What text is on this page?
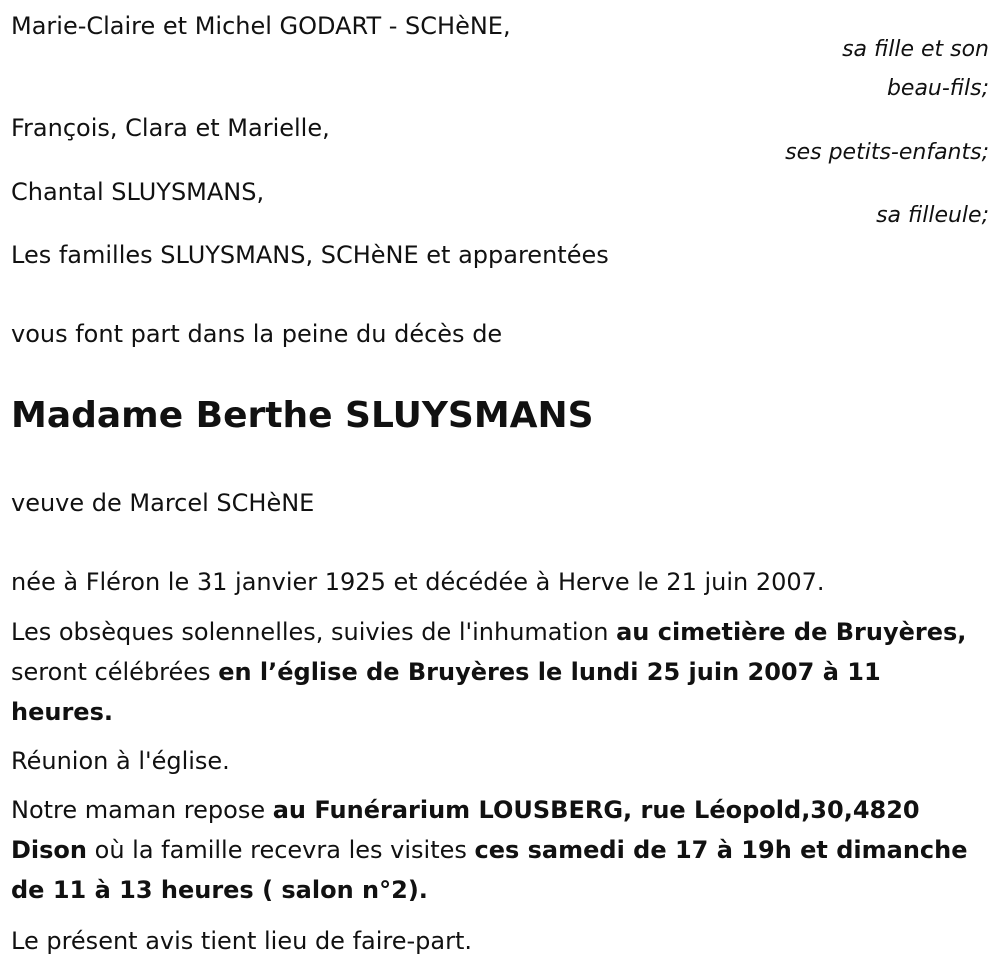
Marie-Claire et Michel GODART - SCHèNE,
sa fille et son
beau-fils;
François, Clara et Marielle,
ses petits-enfants;
Chantal SLUYSMANS,
sa filleule;
Les familles SLUYSMANS, SCHèNE et apparentées
vous font part dans la peine du décès de
Madame Berthe SLUYSMANS
veuve de Marcel SCHèNE
née à Fléron le 31 janvier 1925 et décédée à Herve le 21 juin 2007.
Les obsèques solennelles, suivies de l'inhumation au cimetière de Bruyères, seront célébrées en l’église de Bruyères le lundi 25 juin 2007 à 11 heures.
Réunion à l'église.
Notre maman repose au Funérarium LOUSBERG, rue Léopold,30,4820 Dison où la famille recevra les visites ces samedi de 17 à 19h et dimanche de 11 à 13 heures ( salon n°2).
Le présent avis tient lieu de faire-part.
